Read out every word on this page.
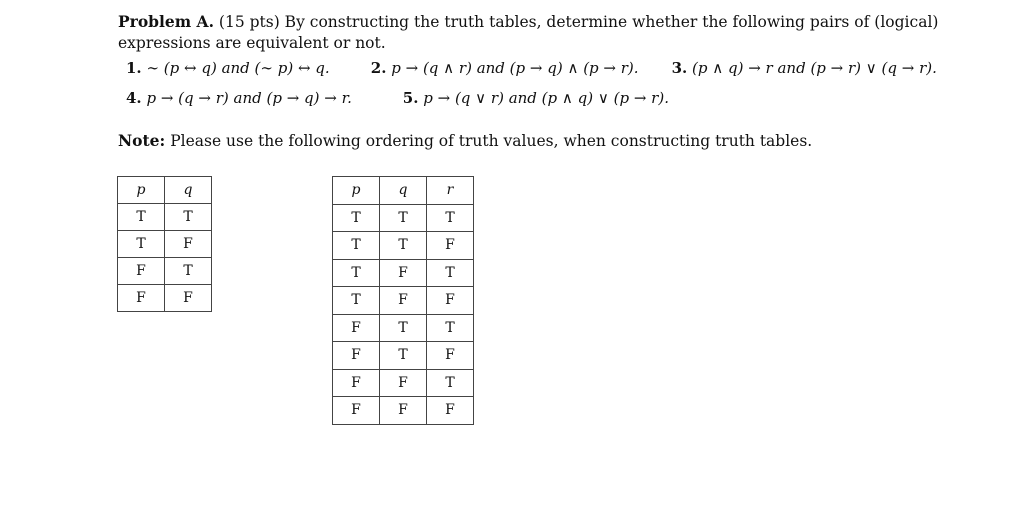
Problem A. (15 pts) By constructing the truth tables, determine whether the following pairs of (logical) expressions are equivalent or not.
1. ∼ (p ↔ q) and (∼ p) ↔ q.	2. p → (q ∧ r) and (p → q) ∧ (p → r). 3. (p ∧ q) → r and (p → r) ∨ (q → r).
4. p → (q → r) and (p → q) → r.	5. p → (q ∨ r) and (p ∧ q) ∨ (p → r).
Note: Please use the following ordering of truth values, when constructing truth tables.
p	q
T	T
T	F
F	T
F	F
p	q	r
T	T	T
T	T	F
T	F	T
T	F	F
F	T	T
F	T	F
F	F	T
F	F	F
